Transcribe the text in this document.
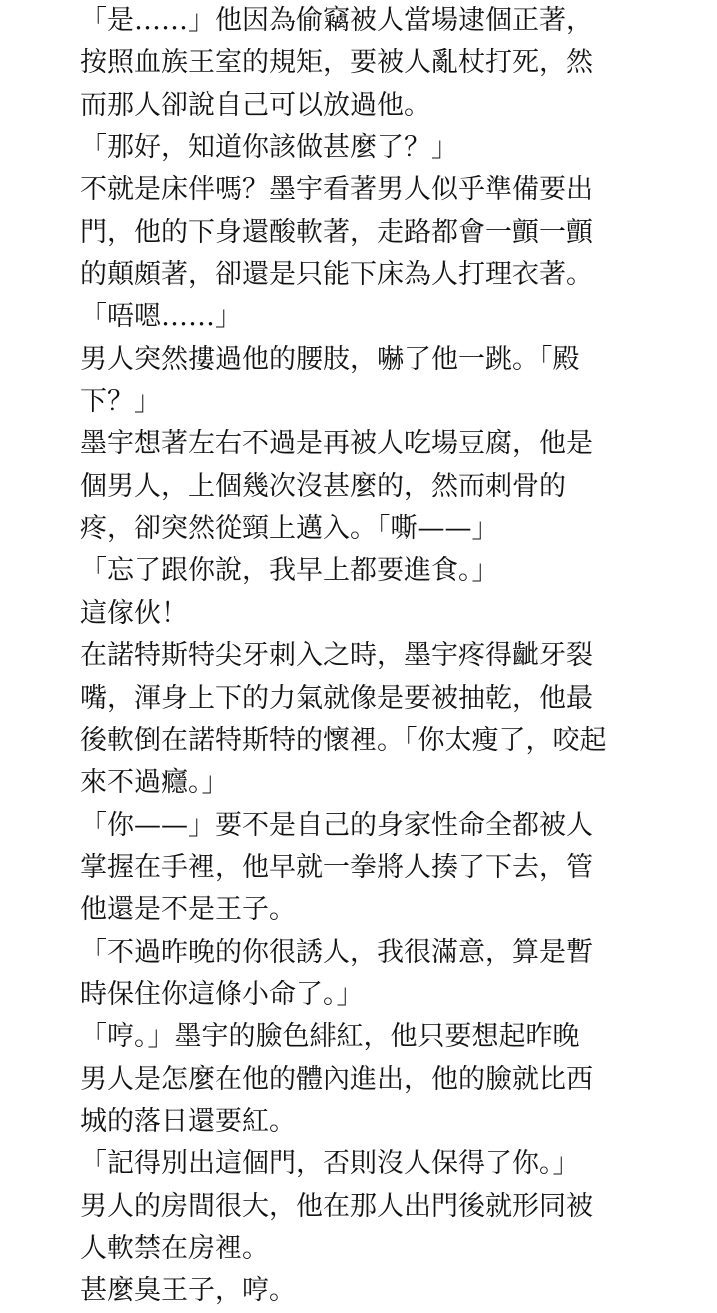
「是……」他因為偷竊被人當場逮個正著，
按照血族王室的規矩，要被人亂杖打死，然
而那人卻說自己可以放過他。
「那好，知道你該做甚麼了？」
不就是床伴嗎？墨宇看著男人似乎準備要出
門，他的下身還酸軟著，走路都會一顫一顫
的顛頗著，卻還是只能下床為人打理衣著。
「唔嗯……」
男人突然摟過他的腰肢，嚇了他一跳。「殿
下？」
墨宇想著左右不過是再被人吃場豆腐，他是
個男人，上個幾次沒甚麼的，然而刺骨的
疼，卻突然從頸上邁入。「嘶——」
「忘了跟你說，我早上都要進食。」
這傢伙！
在諾特斯特尖牙刺入之時，墨宇疼得齜牙裂
嘴，渾身上下的力氣就像是要被抽乾，他最
後軟倒在諾特斯特的懷裡。「你太瘦了，咬起
來不過癮。」
「你——」要不是自己的身家性命全都被人
掌握在手裡，他早就一拳將人揍了下去，管
他還是不是王子。
「不過昨晚的你很誘人，我很滿意，算是暫
時保住你這條小命了。」
「哼。」墨宇的臉色緋紅，他只要想起昨晚
男人是怎麼在他的體內進出，他的臉就比西
城的落日還要紅。
「記得別出這個門，否則沒人保得了你。」
男人的房間很大，他在那人出門後就形同被
人軟禁在房裡。
甚麼臭王子，哼。
